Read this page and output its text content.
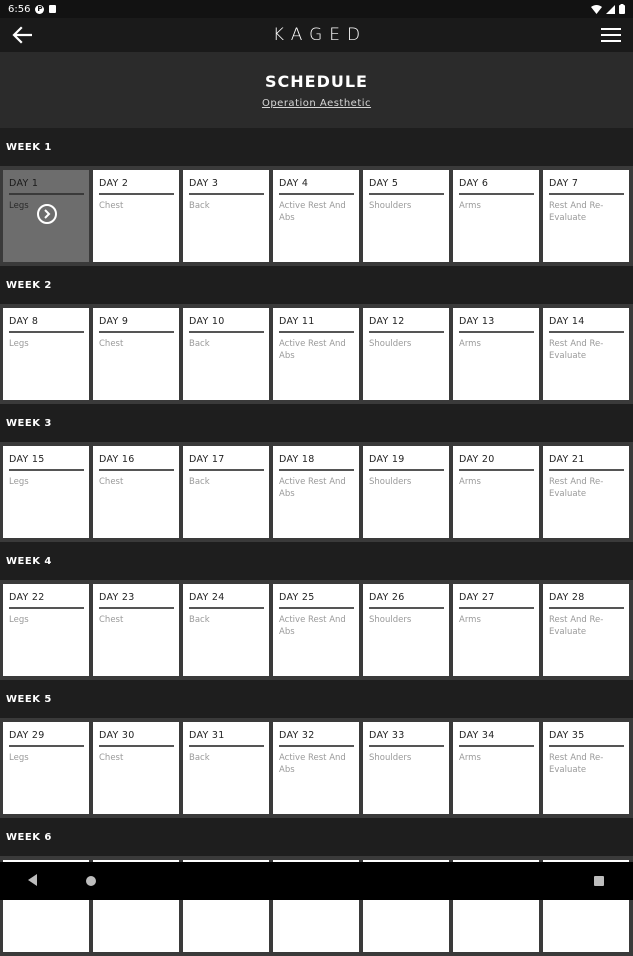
6:56 P
KAGED
SCHEDULE
Operation Aesthetic
WEEK 1
DAY 1
Legs
DAY 2
Chest
DAY 3
Back
DAY 4
Active Rest And Abs
DAY 5
Shoulders
DAY 6
Arms
DAY 7
Rest And Re-Evaluate
WEEK 2
DAY 8
Legs
DAY 9
Chest
DAY 10
Back
DAY 11
Active Rest And Abs
DAY 12
Shoulders
DAY 13
Arms
DAY 14
Rest And Re-Evaluate
WEEK 3
DAY 15
Legs
DAY 16
Chest
DAY 17
Back
DAY 18
Active Rest And Abs
DAY 19
Shoulders
DAY 20
Arms
DAY 21
Rest And Re-Evaluate
WEEK 4
DAY 22
Legs
DAY 23
Chest
DAY 24
Back
DAY 25
Active Rest And Abs
DAY 26
Shoulders
DAY 27
Arms
DAY 28
Rest And Re-Evaluate
WEEK 5
DAY 29
Legs
DAY 30
Chest
DAY 31
Back
DAY 32
Active Rest And Abs
DAY 33
Shoulders
DAY 34
Arms
DAY 35
Rest And Re-Evaluate
WEEK 6
